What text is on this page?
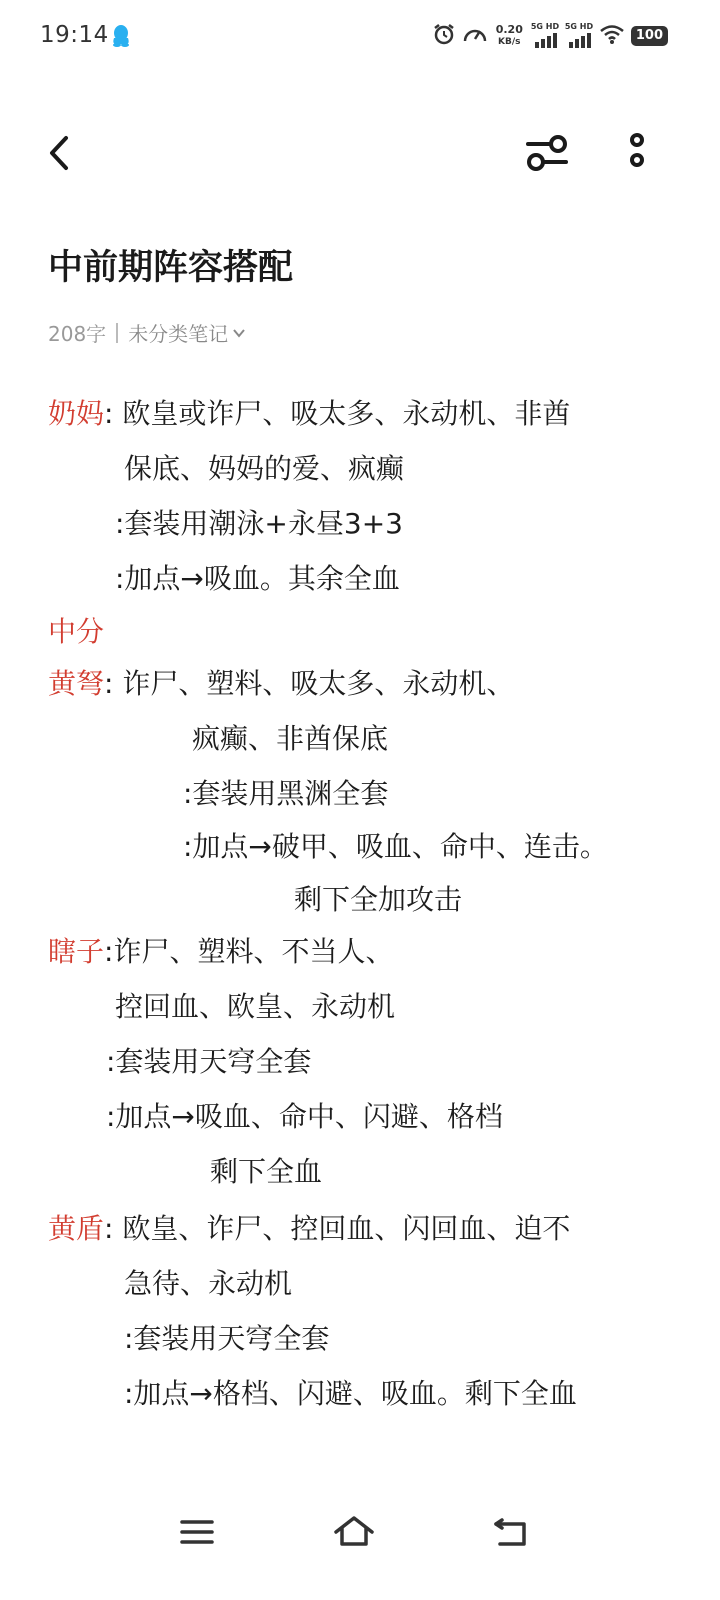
19:14	0.20
KB/s
5G HD 5G HD
100
中前期阵容搭配
208字 未分类笔记
奶妈: 欧皇或诈尸、吸太多、永动机、非酋
保底、妈妈的爱、疯癫
:套装用潮泳+永昼3+3
:加点→吸血。其余全血
中分
黄弩: 诈尸、塑料、吸太多、永动机、
疯癫、非酋保底
:套装用黑渊全套
:加点→破甲、吸血、命中、连击。
剩下全加攻击
瞎子:诈尸、塑料、不当人、
控回血、欧皇、永动机
:套装用天穹全套
:加点→吸血、命中、闪避、格档
剩下全血
黄盾: 欧皇、诈尸、控回血、闪回血、迫不
急待、永动机
:套装用天穹全套
:加点→格档、闪避、吸血。剩下全血
